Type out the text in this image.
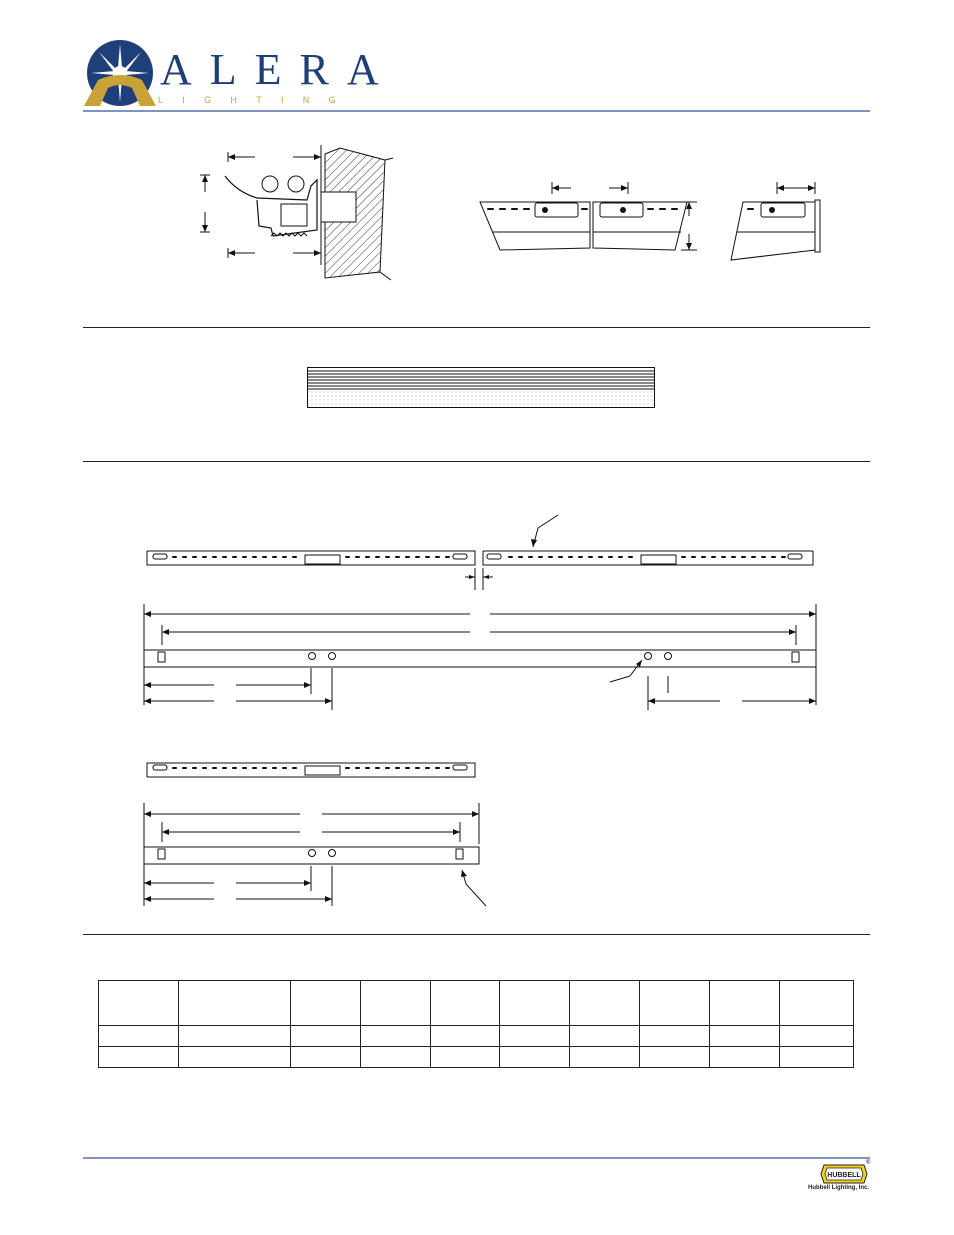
ALERA
LIGHTING

HUBBELL
®
Hubbell Lighting, Inc.
